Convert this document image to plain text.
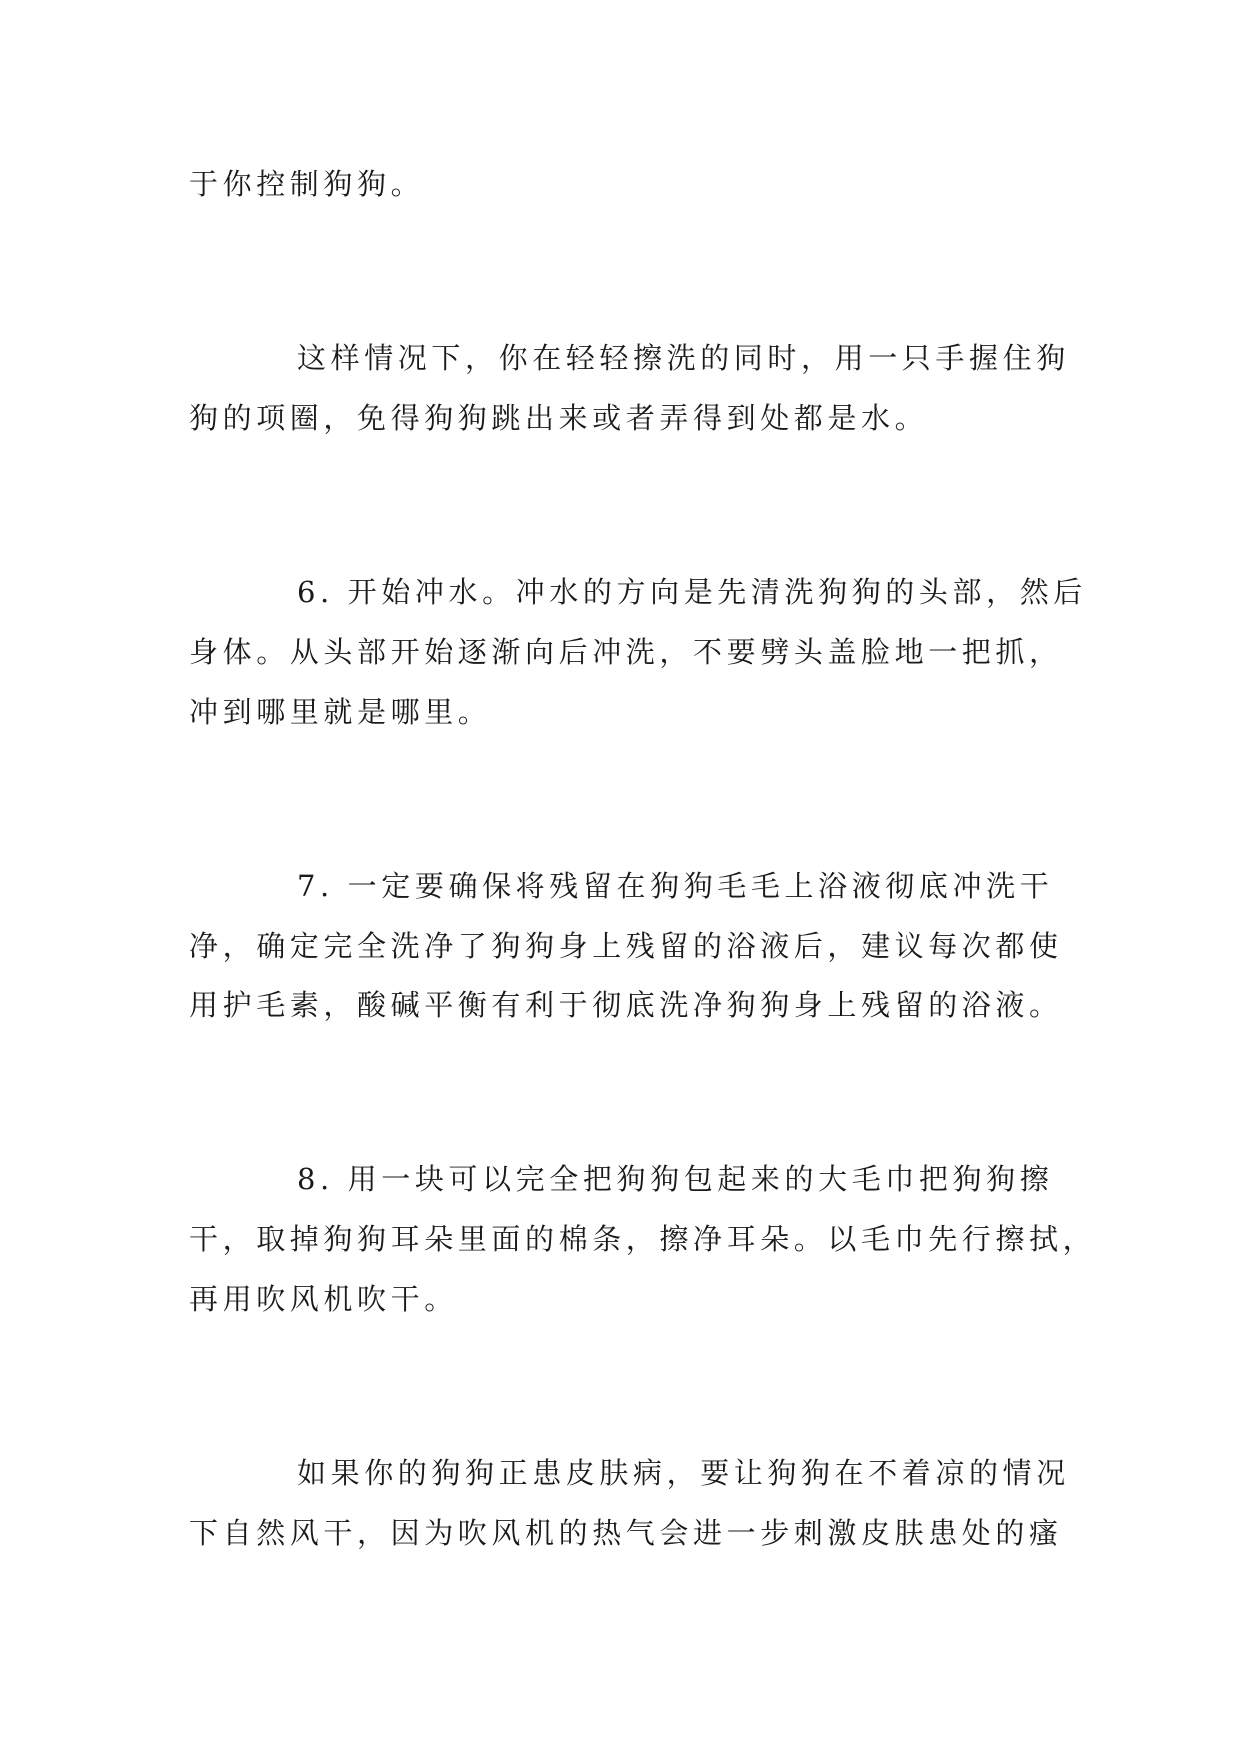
于你控制狗狗。
这样情况下，你在轻轻擦洗的同时，用一只手握住狗
狗的项圈，免得狗狗跳出来或者弄得到处都是水。
6. 开始冲水。冲水的方向是先清洗狗狗的头部，然后
身体。从头部开始逐渐向后冲洗，不要劈头盖脸地一把抓，
冲到哪里就是哪里。
7. 一定要确保将残留在狗狗毛毛上浴液彻底冲洗干
净，确定完全洗净了狗狗身上残留的浴液后，建议每次都使
用护毛素，酸碱平衡有利于彻底洗净狗狗身上残留的浴液。
8. 用一块可以完全把狗狗包起来的大毛巾把狗狗擦
干，取掉狗狗耳朵里面的棉条，擦净耳朵。以毛巾先行擦拭，
再用吹风机吹干。
如果你的狗狗正患皮肤病，要让狗狗在不着凉的情况
下自然风干，因为吹风机的热气会进一步刺激皮肤患处的瘙
